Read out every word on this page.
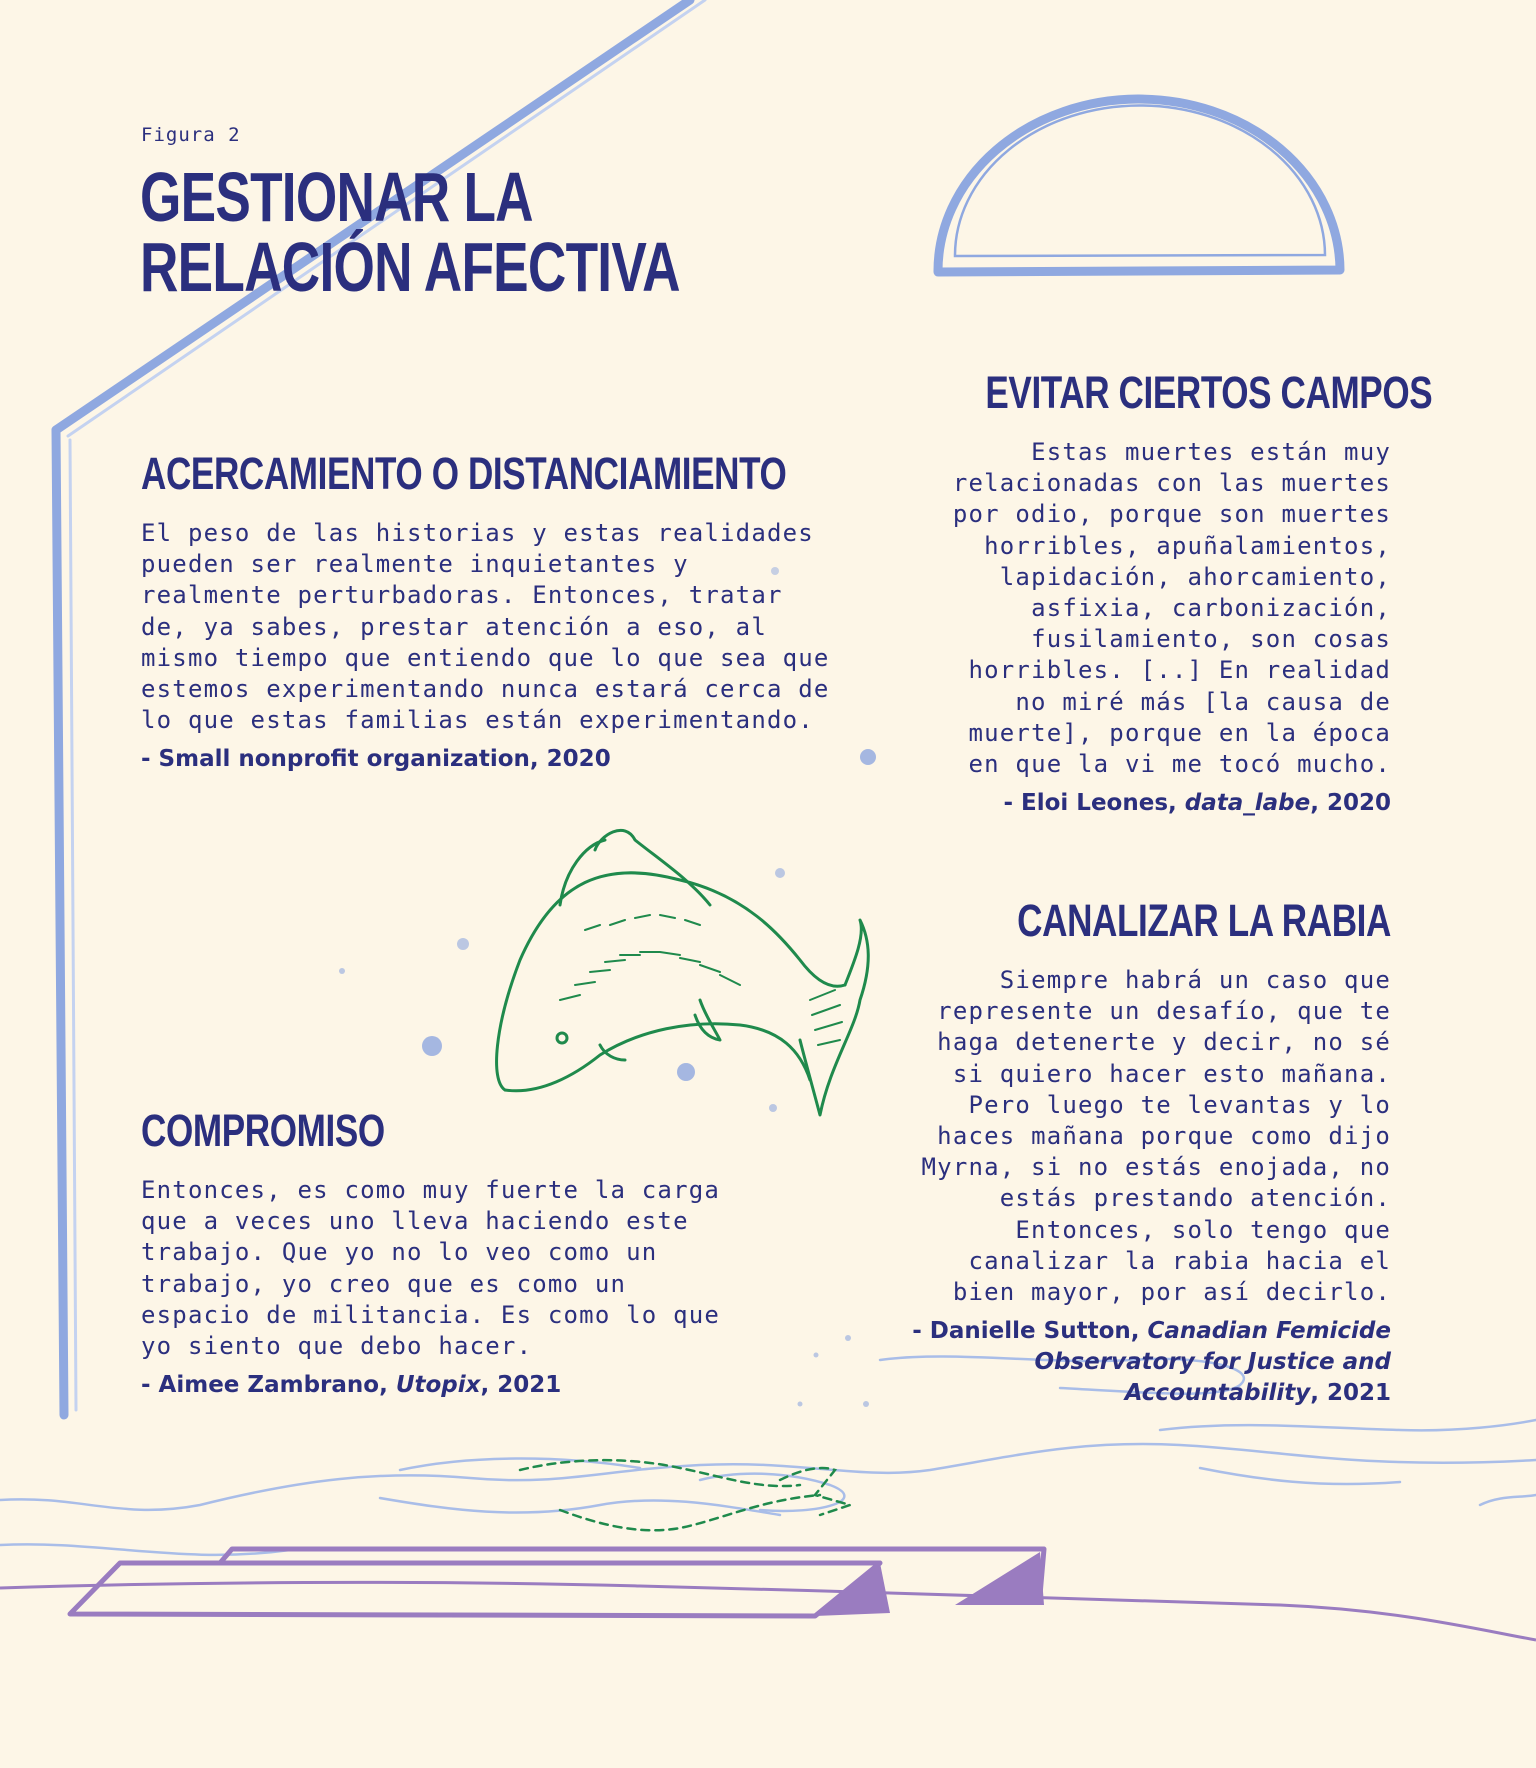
Figura 2
GESTIONAR LA
RELACIÓN AFECTIVA
ACERCAMIENTO O DISTANCIAMIENTO

El peso de las historias y estas realidades
pueden ser realmente inquietantes y
realmente perturbadoras. Entonces, tratar
de, ya sabes, prestar atención a eso, al
mismo tiempo que entiendo que lo que sea que
estemos experimentando nunca estará cerca de
lo que estas familias están experimentando.

- Small nonprofit organization, 2020
COMPROMISO

Entonces, es como muy fuerte la carga
que a veces uno lleva haciendo este
trabajo. Que yo no lo veo como un
trabajo, yo creo que es como un
espacio de militancia. Es como lo que
yo siento que debo hacer.

- Aimee Zambrano, Utopix, 2021
EVITAR CIERTOS CAMPOS

Estas muertes están muy
relacionadas con las muertes
por odio, porque son muertes
horribles, apuñalamientos,
lapidación, ahorcamiento,
asfixia, carbonización,
fusilamiento, son cosas
horribles. [..] En realidad
no miré más [la causa de
muerte], porque en la época
en que la vi me tocó mucho.

- Eloi Leones, data_labe, 2020
CANALIZAR LA RABIA

Siempre habrá un caso que
represente un desafío, que te
haga detenerte y decir, no sé
si quiero hacer esto mañana.
Pero luego te levantas y lo
haces mañana porque como dijo
Myrna, si no estás enojada, no
estás prestando atención.
Entonces, solo tengo que
canalizar la rabia hacia el
bien mayor, por así decirlo.

- Danielle Sutton, Canadian Femicide
Observatory for Justice and
Accountability, 2021
